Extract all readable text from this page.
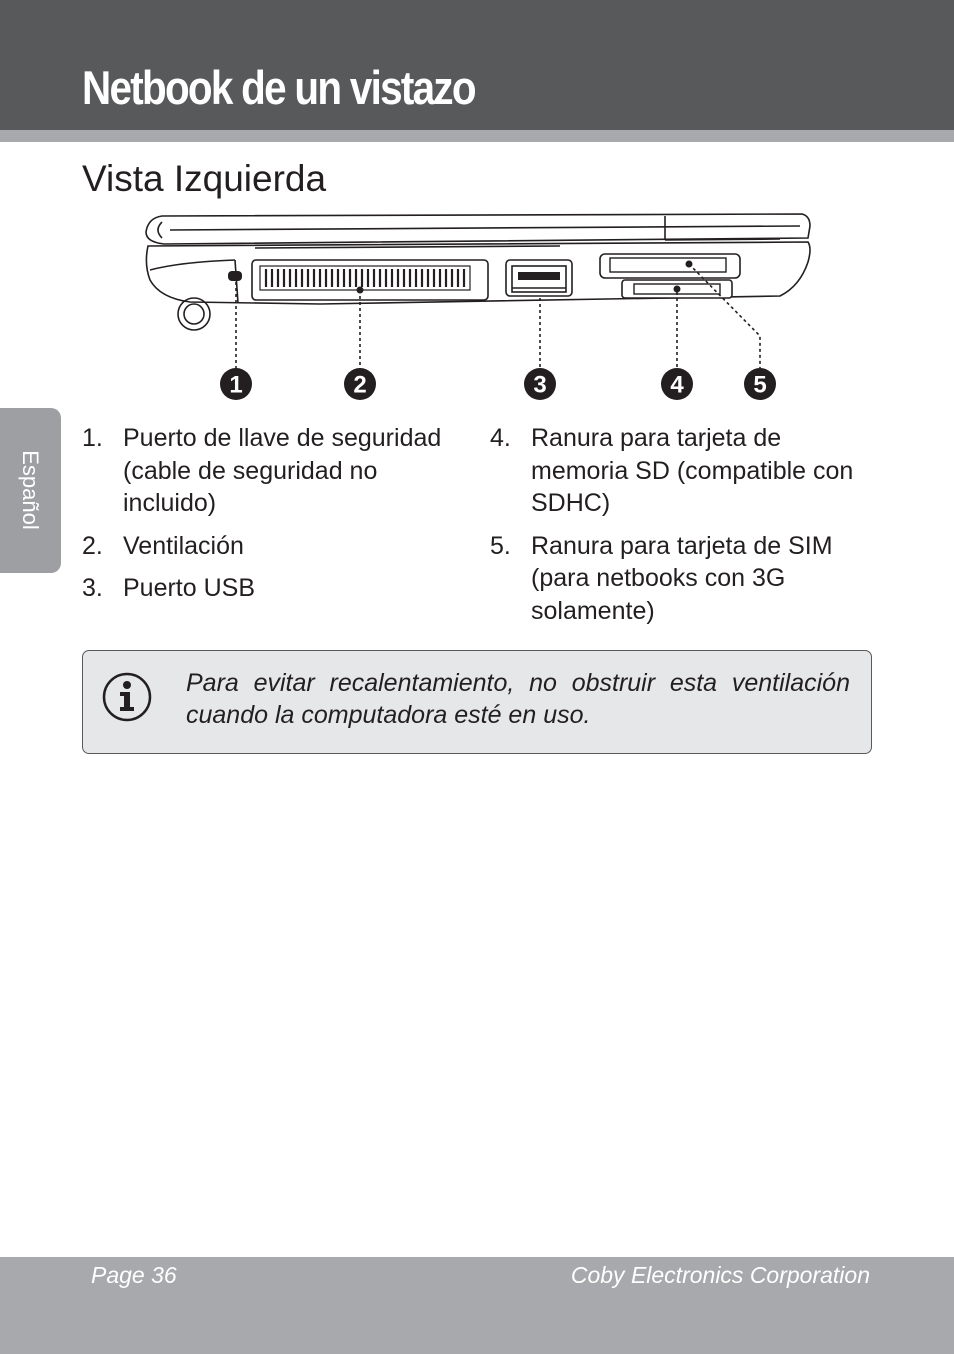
Netbook de un vistazo
Español
Vista Izquierda
1	2	3	4	5
1. Puerto de llave de seguridad (cable de seguridad no incluido)
2. Ventilación
3. Puerto USB
4. Ranura para tarjeta de memoria SD (compatible con SDHC)
5. Ranura para tarjeta de SIM (para netbooks con 3G solamente)
Para evitar recalentamiento, no obstruir esta ventilación cuando la computadora esté en uso.
Page 36	Coby Electronics Corporation
